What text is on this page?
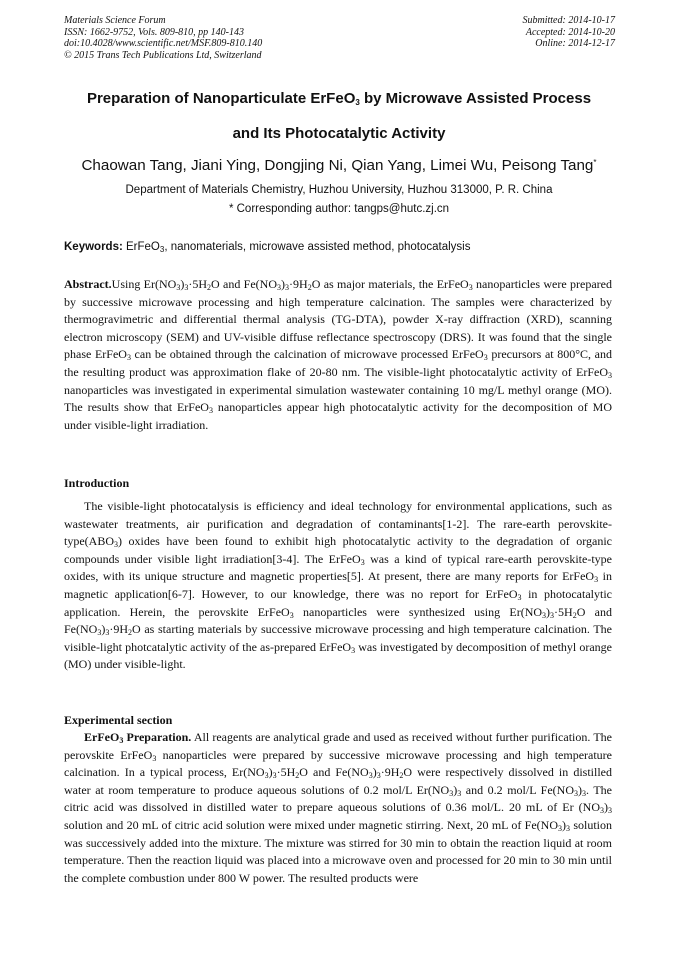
Materials Science Forum
ISSN: 1662-9752, Vols. 809-810, pp 140-143
doi:10.4028/www.scientific.net/MSF.809-810.140
© 2015 Trans Tech Publications Ltd, Switzerland
Submitted: 2014-10-17
Accepted: 2014-10-20
Online: 2014-12-17
Preparation of Nanoparticulate ErFeO$_3$ by Microwave Assisted Process
and Its Photocatalytic Activity
Chaowan Tang, Jiani Ying, Dongjing Ni, Qian Yang, Limei Wu, Peisong Tang*
Department of Materials Chemistry, Huzhou University, Huzhou 313000, P. R. China
* Corresponding author: tangps@hutc.zj.cn
Keywords: ErFeO$_3$, nanomaterials, microwave assisted method, photocatalysis
Abstract.Using $Er(NO_3)_3\cdot 5H_2O$ and $Fe(NO_3)_3\cdot 9H_2O$ as major materials, the ErFeO$_3$ nanoparticles were prepared by successive microwave processing and high temperature calcination. The samples were characterized by thermogravimetric and differential thermal analysis (TG-DTA), powder X-ray diffraction (XRD), scanning electron microscopy (SEM) and UV-visible diffuse reflectance spectroscopy (DRS). It was found that the single phase ErFeO$_3$ can be obtained through the calcination of microwave processed ErFeO$_3$ precursors at 800°C, and the resulting product was approximation flake of 20-80 nm. The visible-light photocatalytic activity of ErFeO$_3$ nanoparticles was investigated in experimental simulation wastewater containing 10 mg/L methyl orange (MO). The results show that ErFeO$_3$ nanoparticles appear high photocatalytic activity for the decomposition of MO under visible-light irradiation.
Introduction
The visible-light photocatalysis is efficiency and ideal technology for environmental applications, such as wastewater treatments, air purification and degradation of contaminants[1-2]. The rare-earth perovskite-$type(ABO_3)$ oxides have been found to exhibit high photocatalytic activity to the degradation of organic compounds under visible light irradiation[3-4]. The ErFeO$_3$ was a kind of typical rare-earth perovskite-type oxides, with its unique structure and magnetic properties[5]. At present, there are many reports for ErFeO$_3$ in magnetic application[6-7]. However, to our knowledge, there was no report for ErFeO$_3$ in photocatalytic application. Herein, the perovskite ErFeO$_3$ nanoparticles were synthesized using $Er(NO_3)_3\cdot 5H_2O$ and $Fe(NO_3)_3\cdot 9H_2O$ as starting materials by successive microwave processing and high temperature calcination. The visible-light photcatalytic activity of the as-prepared ErFeO$_3$ was investigated by decomposition of methyl orange (MO) under visible-light.
Experimental section
ErFeO$_3$ Preparation. All reagents are analytical grade and used as received without further purification. The perovskite ErFeO$_3$ nanoparticles were prepared by successive microwave processing and high temperature calcination. In a typical process, $Er(NO_3)_3\cdot 5H_2O$ and $Fe(NO_3)_3\cdot 9H_2O$ were respectively dissolved in distilled water at room temperature to produce aqueous solutions of 0.2 mol/L $Er(NO_3)_3$ and 0.2 mol/L $Fe(NO_3)_3$. The citric acid was dissolved in distilled water to prepare aqueous solutions of 0.36 mol/L. 20 mL of Er $(NO_3)_3$ solution and 20 mL of citric acid solution were mixed under magnetic stirring. Next, 20 mL of $Fe(NO_3)_3$ solution was successively added into the mixture. The mixture was stirred for 30 min to obtain the reaction liquid at room temperature. Then the reaction liquid was placed into a microwave oven and processed for 20 min to 30 min until the complete combustion under 800 W power. The resulted products were
